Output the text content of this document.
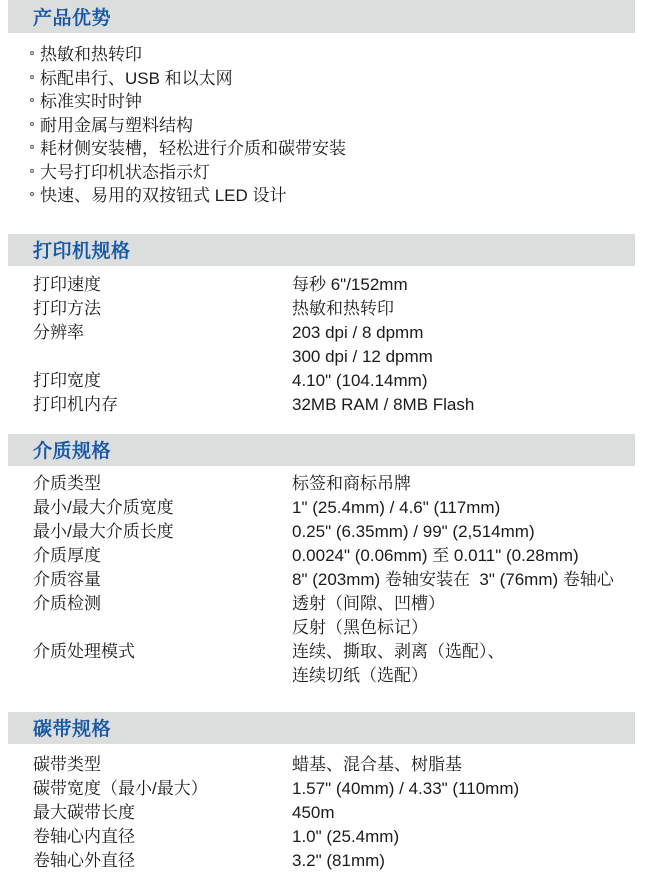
产品优势
热敏和热转印
标配串行、USB 和以太网
标准实时时钟
耐用金属与塑料结构
耗材侧安装槽，轻松进行介质和碳带安装
大号打印机状态指示灯
快速、易用的双按钮式 LED 设计
打印机规格
打印速度	每秒 6"/152mm
打印方法	热敏和热转印
分辨率	203 dpi / 8 dpmm
300 dpi / 12 dpmm
打印宽度	4.10" (104.14mm)
打印机内存	32MB RAM / 8MB Flash
介质规格
介质类型	标签和商标吊牌
最小/最大介质宽度	1" (25.4mm) / 4.6" (117mm)
最小/最大介质长度	0.25" (6.35mm) / 99" (2,514mm)
介质厚度	0.0024" (0.06mm) 至 0.011" (0.28mm)
介质容量	8" (203mm) 卷轴安装在  3" (76mm) 卷轴心
介质检测	透射（间隙、凹槽）
反射（黑色标记）
介质处理模式	连续、撕取、剥离（选配）、
连续切纸（选配）
碳带规格
碳带类型	蜡基、混合基、树脂基
碳带宽度（最小/最大）	1.57" (40mm) / 4.33" (110mm)
最大碳带长度	450m
卷轴心内直径	1.0" (25.4mm)
卷轴心外直径	3.2" (81mm)
